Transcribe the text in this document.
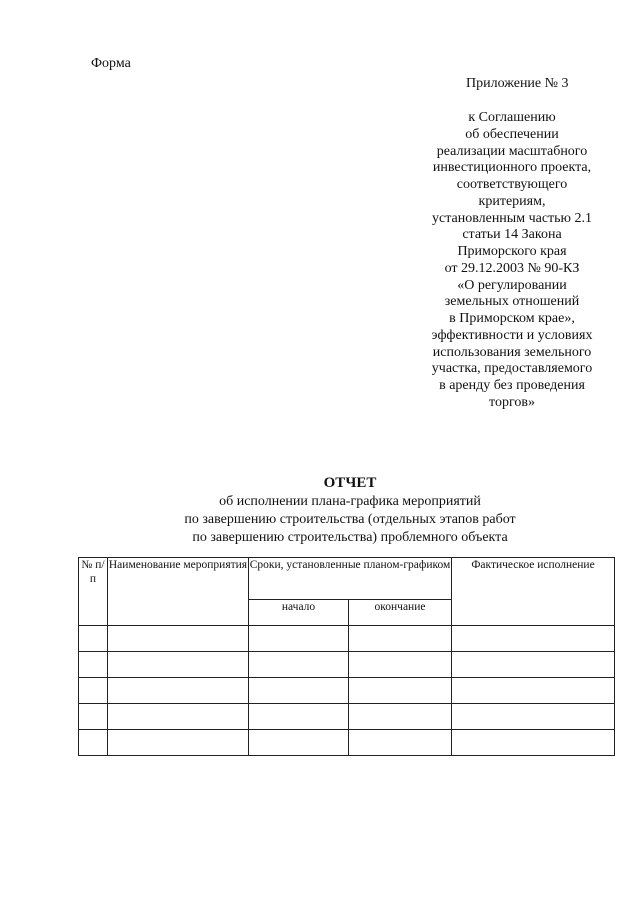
Форма
Приложение № 3
к Соглашению
об обеспечении
реализации масштабного
инвестиционного проекта,
соответствующего
критериям,
установленным частью 2.1
статьи 14 Закона
Приморского края
от 29.12.2003 № 90-КЗ
«О регулировании
земельных отношений
в Приморском крае»,
эффективности и условиях
использования земельного
участка, предоставляемого
в аренду без проведения
торгов»
ОТЧЕТ
об исполнении плана-графика мероприятий
по завершению строительства (отдельных этапов работ
по завершению строительства) проблемного объекта
№ п/п	Наименование мероприятия	Сроки, установленные планом-графиком		Фактическое исполнение
		начало	окончание	
